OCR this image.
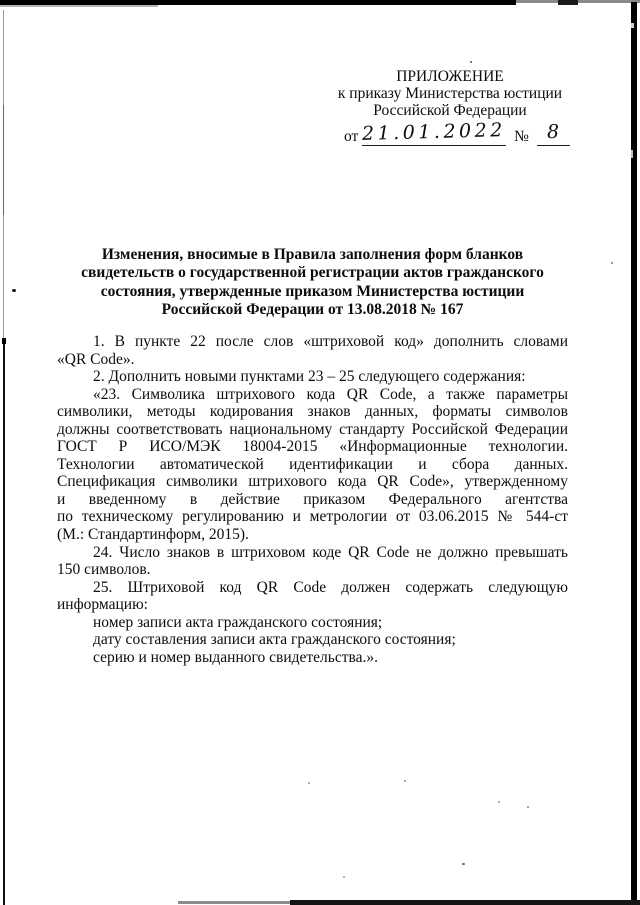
ПРИЛОЖЕНИЕ
к приказу Министерства юстиции
Российской Федерации
от 21.01.2022 № 8
Изменения, вносимые в Правила заполнения форм бланков
свидетельств о государственной регистрации актов гражданского
состояния, утвержденные приказом Министерства юстиции
Российской Федерации от 13.08.2018 № 167
1. В пункте 22 после слов «штриховой код» дополнить словами
«QR Code».
2. Дополнить новыми пунктами 23 – 25 следующего содержания:
«23. Символика штрихового кода QR Code, а также параметры
символики, методы кодирования знаков данных, форматы символов
должны соответствовать национальному стандарту Российской Федерации
ГОСТ Р ИСО/МЭК 18004-2015 «Информационные технологии.
Технологии автоматической идентификации и сбора данных.
Спецификация символики штрихового кода QR Code», утвержденному
и введенному в действие приказом Федерального агентства
по техническому регулированию и метрологии от 03.06.2015 № 544-ст
(М.: Стандартинформ, 2015).
24. Число знаков в штриховом коде QR Code не должно превышать
150 символов.
25. Штриховой код QR Code должен содержать следующую
информацию:
номер записи акта гражданского состояния;
дату составления записи акта гражданского состояния;
серию и номер выданного свидетельства.».
